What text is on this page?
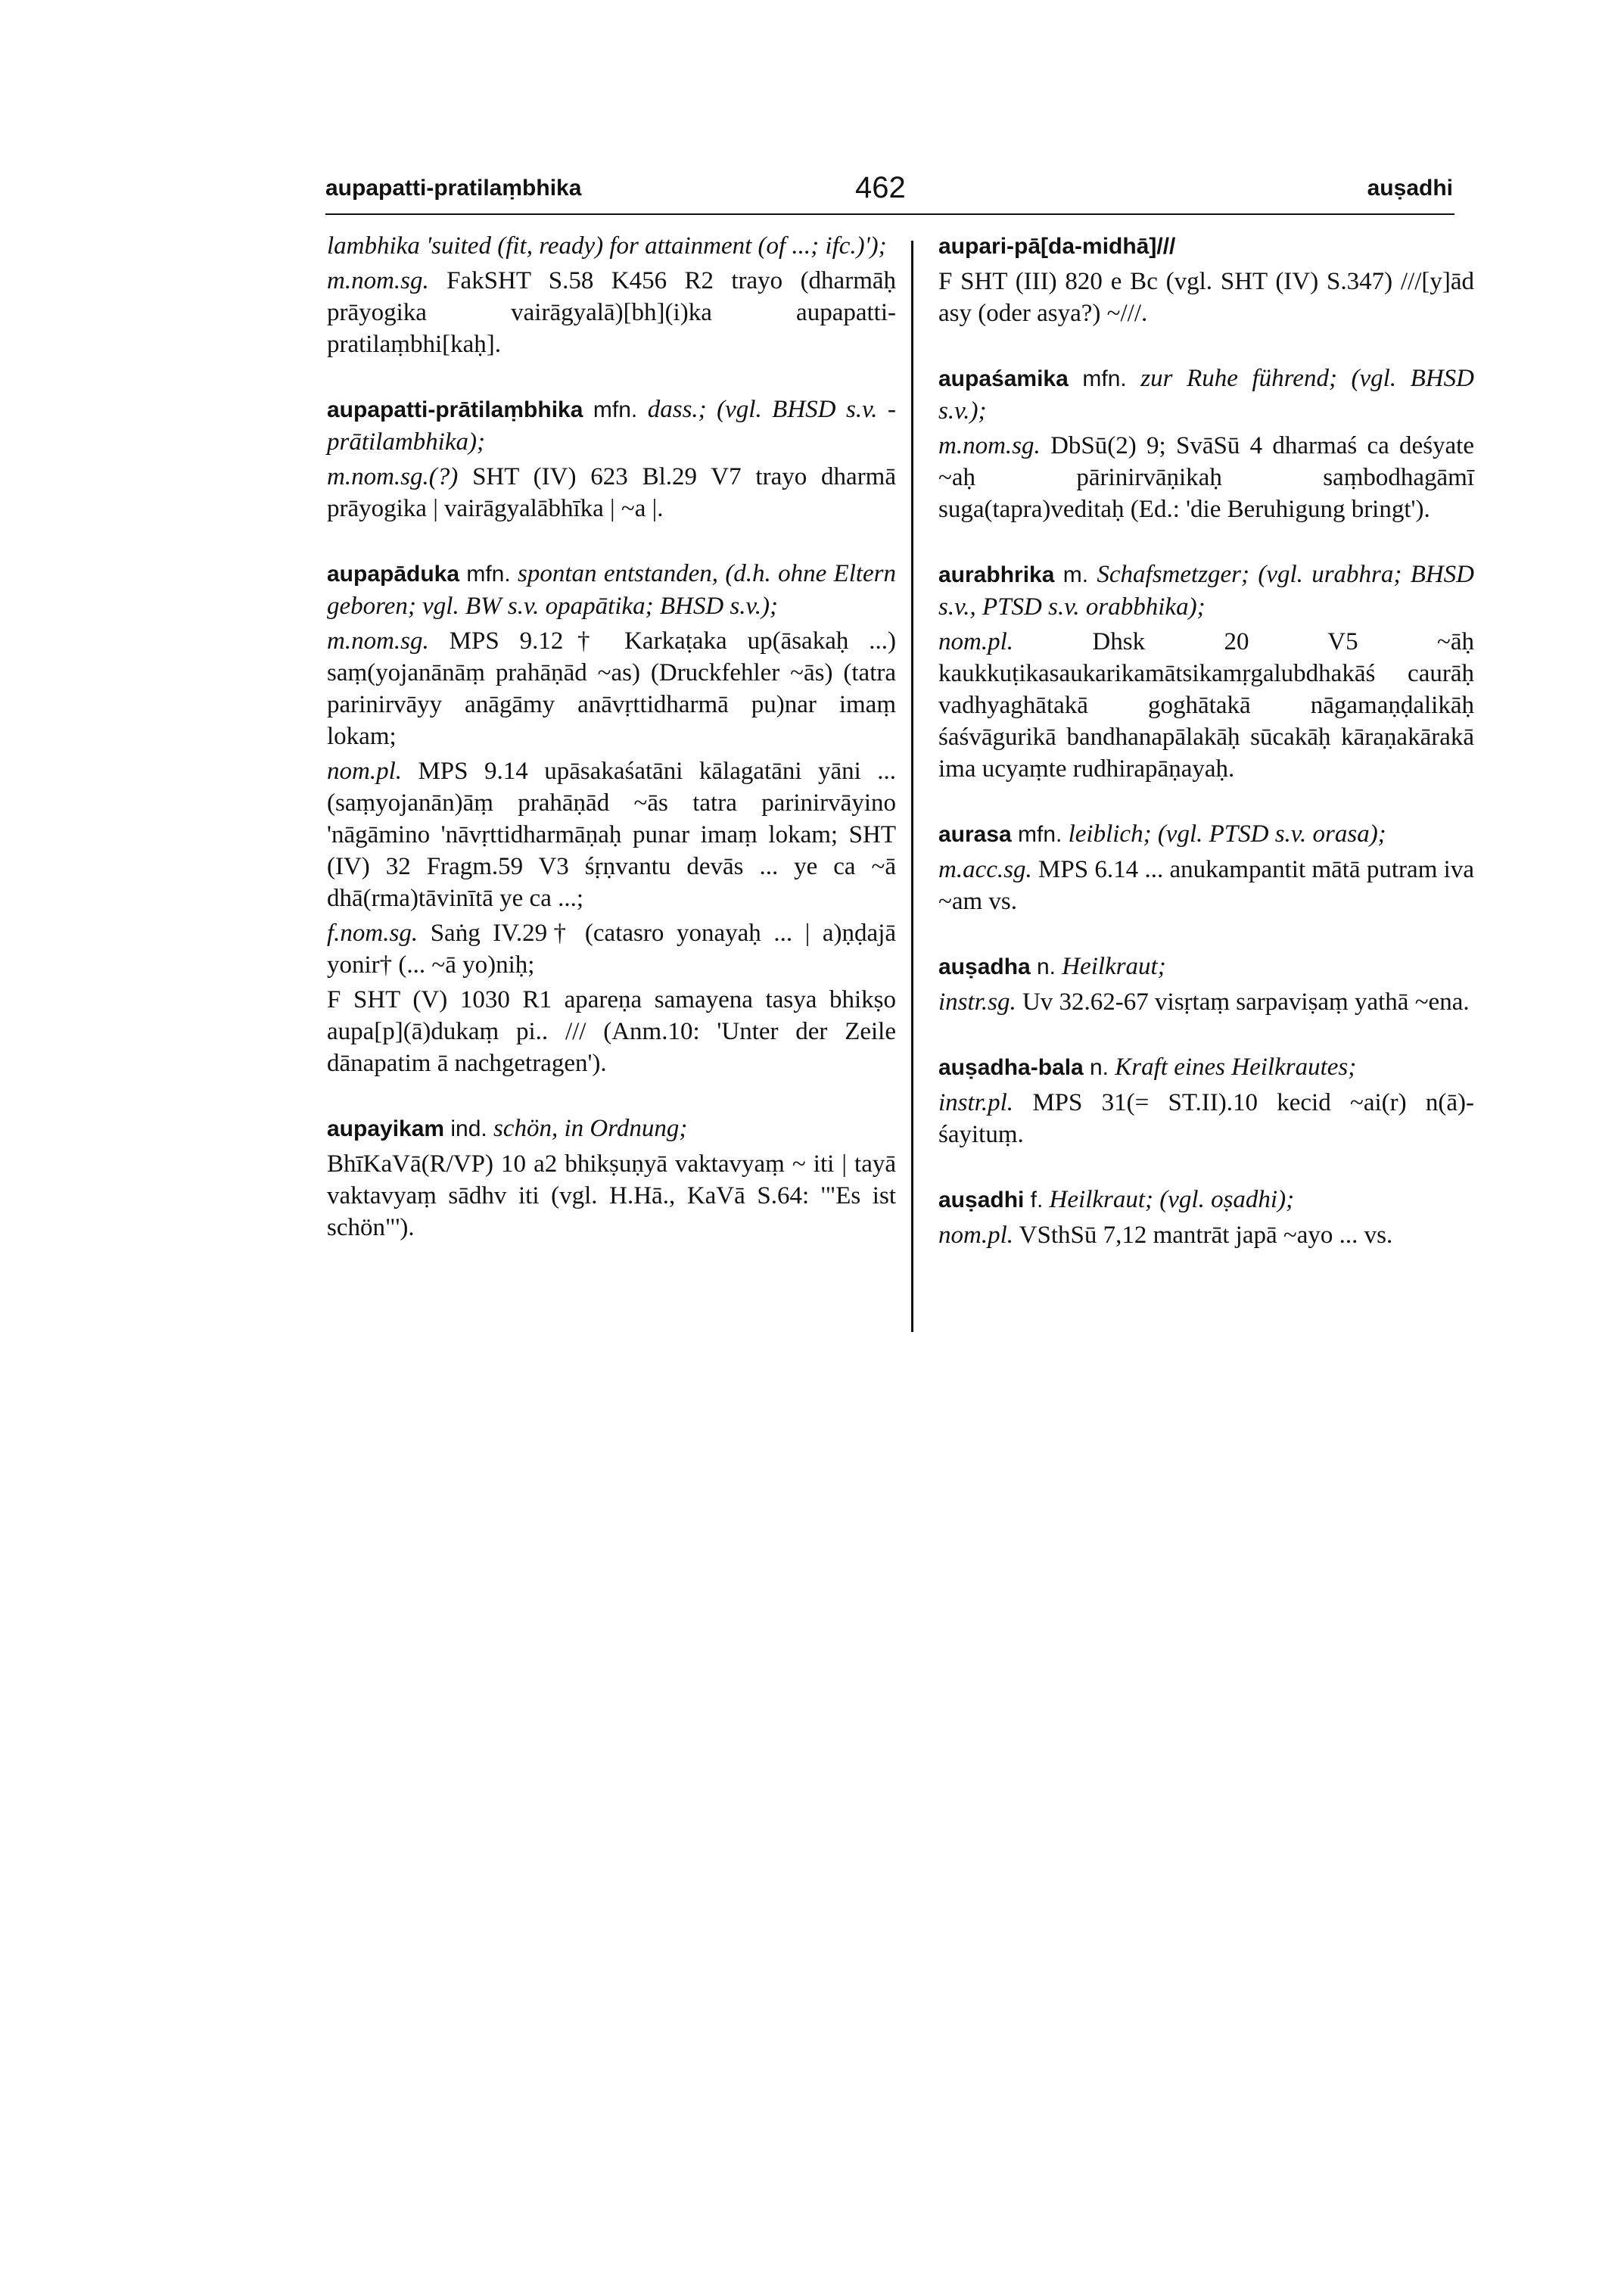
aupapatti-pratilaṃbhika	462	auṣadhi
lambhika 'suited (fit, ready) for attainment (of ...; ifc.)');
m.nom.sg. FakSHT S.58 K456 R2 trayo (dharmāḥ prāyogika vairāgyalā)[bh](i)ka aupapatti-pratilaṃbhi[kaḥ].
aupapatti-prātilaṃbhika mfn. dass.; (vgl. BHSD s.v. -prātilambhika);
m.nom.sg.(?) SHT (IV) 623 Bl.29 V7 trayo dharmā prāyogika | vairāgyalābhīka | ~a |.
aupapāduka mfn. spontan entstanden, (d.h. ohne Eltern geboren; vgl. BW s.v. opapātika; BHSD s.v.);
m.nom.sg. MPS 9.12† Karkaṭaka up(āsakaḥ ...) saṃ(yojanānāṃ prahāṇād ~as) (Druckfehler ~ās) (tatra parinirvāyy anāgāmy anāvṛttidharmā pu)nar imaṃ lokam;
nom.pl. MPS 9.14 upāsakaśatāni kālagatāni yāni ... (saṃyojanān)āṃ prahāṇād ~ās tatra parinirvāyino 'nāgāmino 'nāvṛttidharmāṇaḥ punar imaṃ lokam; SHT (IV) 32 Fragm.59 V3 śṛṇvantu devās ... ye ca ~ā dhā(rma)tāvinītā ye ca ...;
f.nom.sg. Saṅg IV.29† (catasro yonayaḥ ... | a)ṇḍajā yonir† (... ~ā yo)niḥ;
F SHT (V) 1030 R1 apareṇa samayena tasya bhikṣo aupa[p](ā)dukaṃ pi.. /// (Anm.10: 'Unter der Zeile dānapatim ā nachgetragen').
aupayikam ind. schön, in Ordnung;
BhīKaVā(R/VP) 10 a2 bhikṣuṇyā vaktavyaṃ ~ iti | tayā vaktavyaṃ sādhv iti (vgl. H.Hā., KaVā S.64: '"Es ist schön"').
aupari-pā[da-midhā]///
F SHT (III) 820 e Bc (vgl. SHT (IV) S.347) ///[y]ād asy (oder asya?) ~///.
aupaśamika mfn. zur Ruhe führend; (vgl. BHSD s.v.);
m.nom.sg. DbSū(2) 9; SvāSū 4 dharmaś ca deśyate ~aḥ pārinirvāṇikaḥ saṃbodhagāmī suga(tapra)veditaḥ (Ed.: 'die Beruhigung bringt').
aurabhrika m. Schafsmetzger; (vgl. urabhra; BHSD s.v., PTSD s.v. orabbhika);
nom.pl.	Dhsk 20 V5 ~āḥ kaukkuṭikasaukarikamātsikamṛgalubdhakāś caurāḥ vadhyaghātakā goghātakā nāgamaṇḍalikāḥ śaśvāgurikā bandhanapālakāḥ sūcakāḥ kāraṇakārakā ima ucyaṃte rudhirapāṇayaḥ.
aurasa mfn. leiblich; (vgl. PTSD s.v. orasa);
m.acc.sg. MPS 6.14 ... anukampantit mātā putram iva ~am vs.
auṣadha n. Heilkraut;
instr.sg. Uv 32.62-67 visṛtaṃ sarpaviṣaṃ yathā ~ena.
auṣadha-bala n. Kraft eines Heilkrautes;
instr.pl. MPS 31(= ST.II).10 kecid ~ai(r) n(ā)-śayituṃ.
auṣadhi f. Heilkraut; (vgl. oṣadhi);
nom.pl. VSthSū 7,12 mantrāt japā ~ayo ... vs.
